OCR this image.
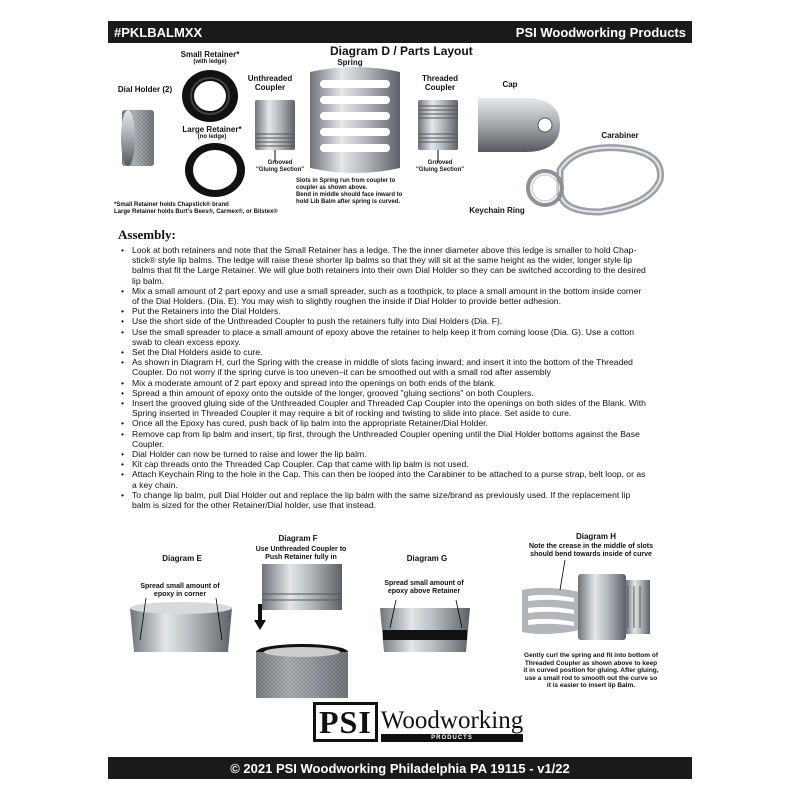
#PKLBALMXX	PSI Woodworking Products
Diagram D / Parts Layout
Dial Holder (2)
Small Retainer*
(with ledge)
Large Retainer*
(no ledge)
Unthreaded
Coupler
Spring
Threaded
Coupler	Cap
Carabiner
Keychain Ring
Grooved
"Gluing Section"
Grooved
"Gluing Section"
Slots in Spring run from coupler to
coupler as shown above.
Bend in middle should face inward to
hold Lib Balm after spring is curved.
*Small Retainer holds Chapstick® brand
Large Retainer holds Burt's Bees®, Carmex®, or Blistex®
Assembly:
• Look at both retainers and note that the Small Retainer has a ledge. The the inner diameter above this ledge is smaller to hold Chap-
stick® style lip balms. The ledge will raise these shorter lip balms so that they will sit at the same height as the wider, longer style lip
balms that fit the Large Retainer. We will glue both retainers into their own Dial Holder so they can be switched according to the desired
lip balm.
• Mix a small amount of 2 part epoxy and use a small spreader, such as a toothpick, to place a small amount in the bottom inside corner
of the Dial Holders. (Dia. E). You may wish to slightly roughen the inside if Dial Holder to provide better adhesion.
• Put the Retainers into the Dial Holders.
• Use the short side of the Unthreaded Coupler to push the retainers fully into Dial Holders (Dia. F).
• Use the small spreader to place a small amount of epoxy above the retainer to help keep it from coming loose (Dia. G). Use a cotton
swab to clean excess epoxy.
• Set the Dial Holders aside to cure.
• As shown in Diagram H, curl the Spring with the crease in middle of slots facing inward; and insert it into the bottom of the Threaded
Coupler. Do not worry if the spring curve is too uneven–it can be smoothed out with a small rod after assembly
• Mix a moderate amount of 2 part epoxy and spread into the openings on both ends of the blank.
• Spread a thin amount of epoxy onto the outside of the longer, grooved "gluing sections" on both Couplers.
• Insert the grooved gluing side of the Unthreaded Coupler and Threaded Cap Coupler into the openings on both sides of the Blank. With
Spring inserted in Threaded Coupler it may require a bit of rocking and twisting to slide into place. Set aside to cure.
• Once all the Epoxy has cured, push back of lip balm into the appropriate Retainer/Dial Holder.
• Remove cap from lip balm and insert, tip first, through the Unthreaded Coupler opening until the Dial Holder bottoms against the Base
Coupler.
• Dial Holder can now be turned to raise and lower the lip balm.
• Kit cap threads onto the Threaded Cap Coupler. Cap that came with lip balm is not used.
• Attach Keychain Ring to the hole in the Cap. This can then be looped into the Carabiner to be attached to a purse strap, belt loop, or as
a key chain.
• To change lip balm, pull Dial Holder out and replace the lip balm with the same size/brand as previously used. If the replacement lip
balm is sized for the other Retainer/Dial holder, use that instead.
Diagram E
Spread small amount of
epoxy in corner
Diagram F
Use Unthreaded Coupler to
Push Retainer fully in	Diagram G
Spread small amount of
epoxy above Retainer
Diagram H
Note the crease in the middle of slots
should bend towards inside of curve
Gently curl the spring and fit into bottom of
Threaded Coupler as shown above to keep
it in curved position for gluing. After gluing,
use a small rod to smooth out the curve so
it is easier to insert lip Balm.
PSI Woodworking
PRODUCTS
© 2021 PSI Woodworking Philadelphia PA 19115 - v1/22
